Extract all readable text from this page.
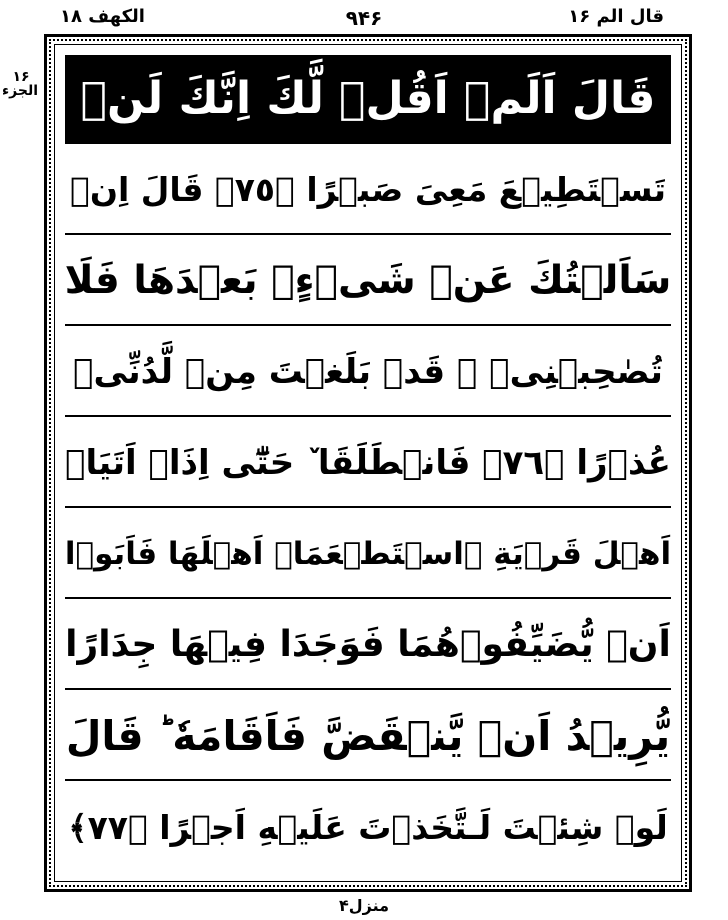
الکھف ۱۸	۹۴۶	قال الم ۱۶
۱۶
الجزء قَالَ اَلَمۡ اَقُلۡ لَّكَ اِنَّكَ لَنۡ
تَسۡتَطِيۡعَ مَعِىَ صَبۡرًا ﴿٧٥﴾ قَالَ اِنۡ
سَاَلۡتُكَ عَنۡ شَىۡءٍۢ بَعۡدَهَا فَلَا
تُصٰحِبۡنِىۡ ۚ قَدۡ بَلَغۡتَ مِنۡ لَّدُنِّىۡ
عُذۡرًا ﴿٧٦﴾ فَانۡطَلَقَا ٚ حَتّٰٓى اِذَاۤ اَتَيَاۤ
اَهۡلَ قَرۡيَةِ ۨاسۡتَطۡعَمَاۤ اَهۡلَهَا فَاَبَوۡا
اَنۡ يُّضَيِّفُوۡهُمَا فَوَجَدَا فِيۡهَا جِدَارًا
يُّرِيۡدُ اَنۡ يَّنۡقَضَّ فَاَقَامَهٗ ؕ قَالَ
لَوۡ شِئۡتَ لَـتَّخَذۡتَ عَلَيۡهِ اَجۡرًا ﴿٧٧﴾
منزل۴
